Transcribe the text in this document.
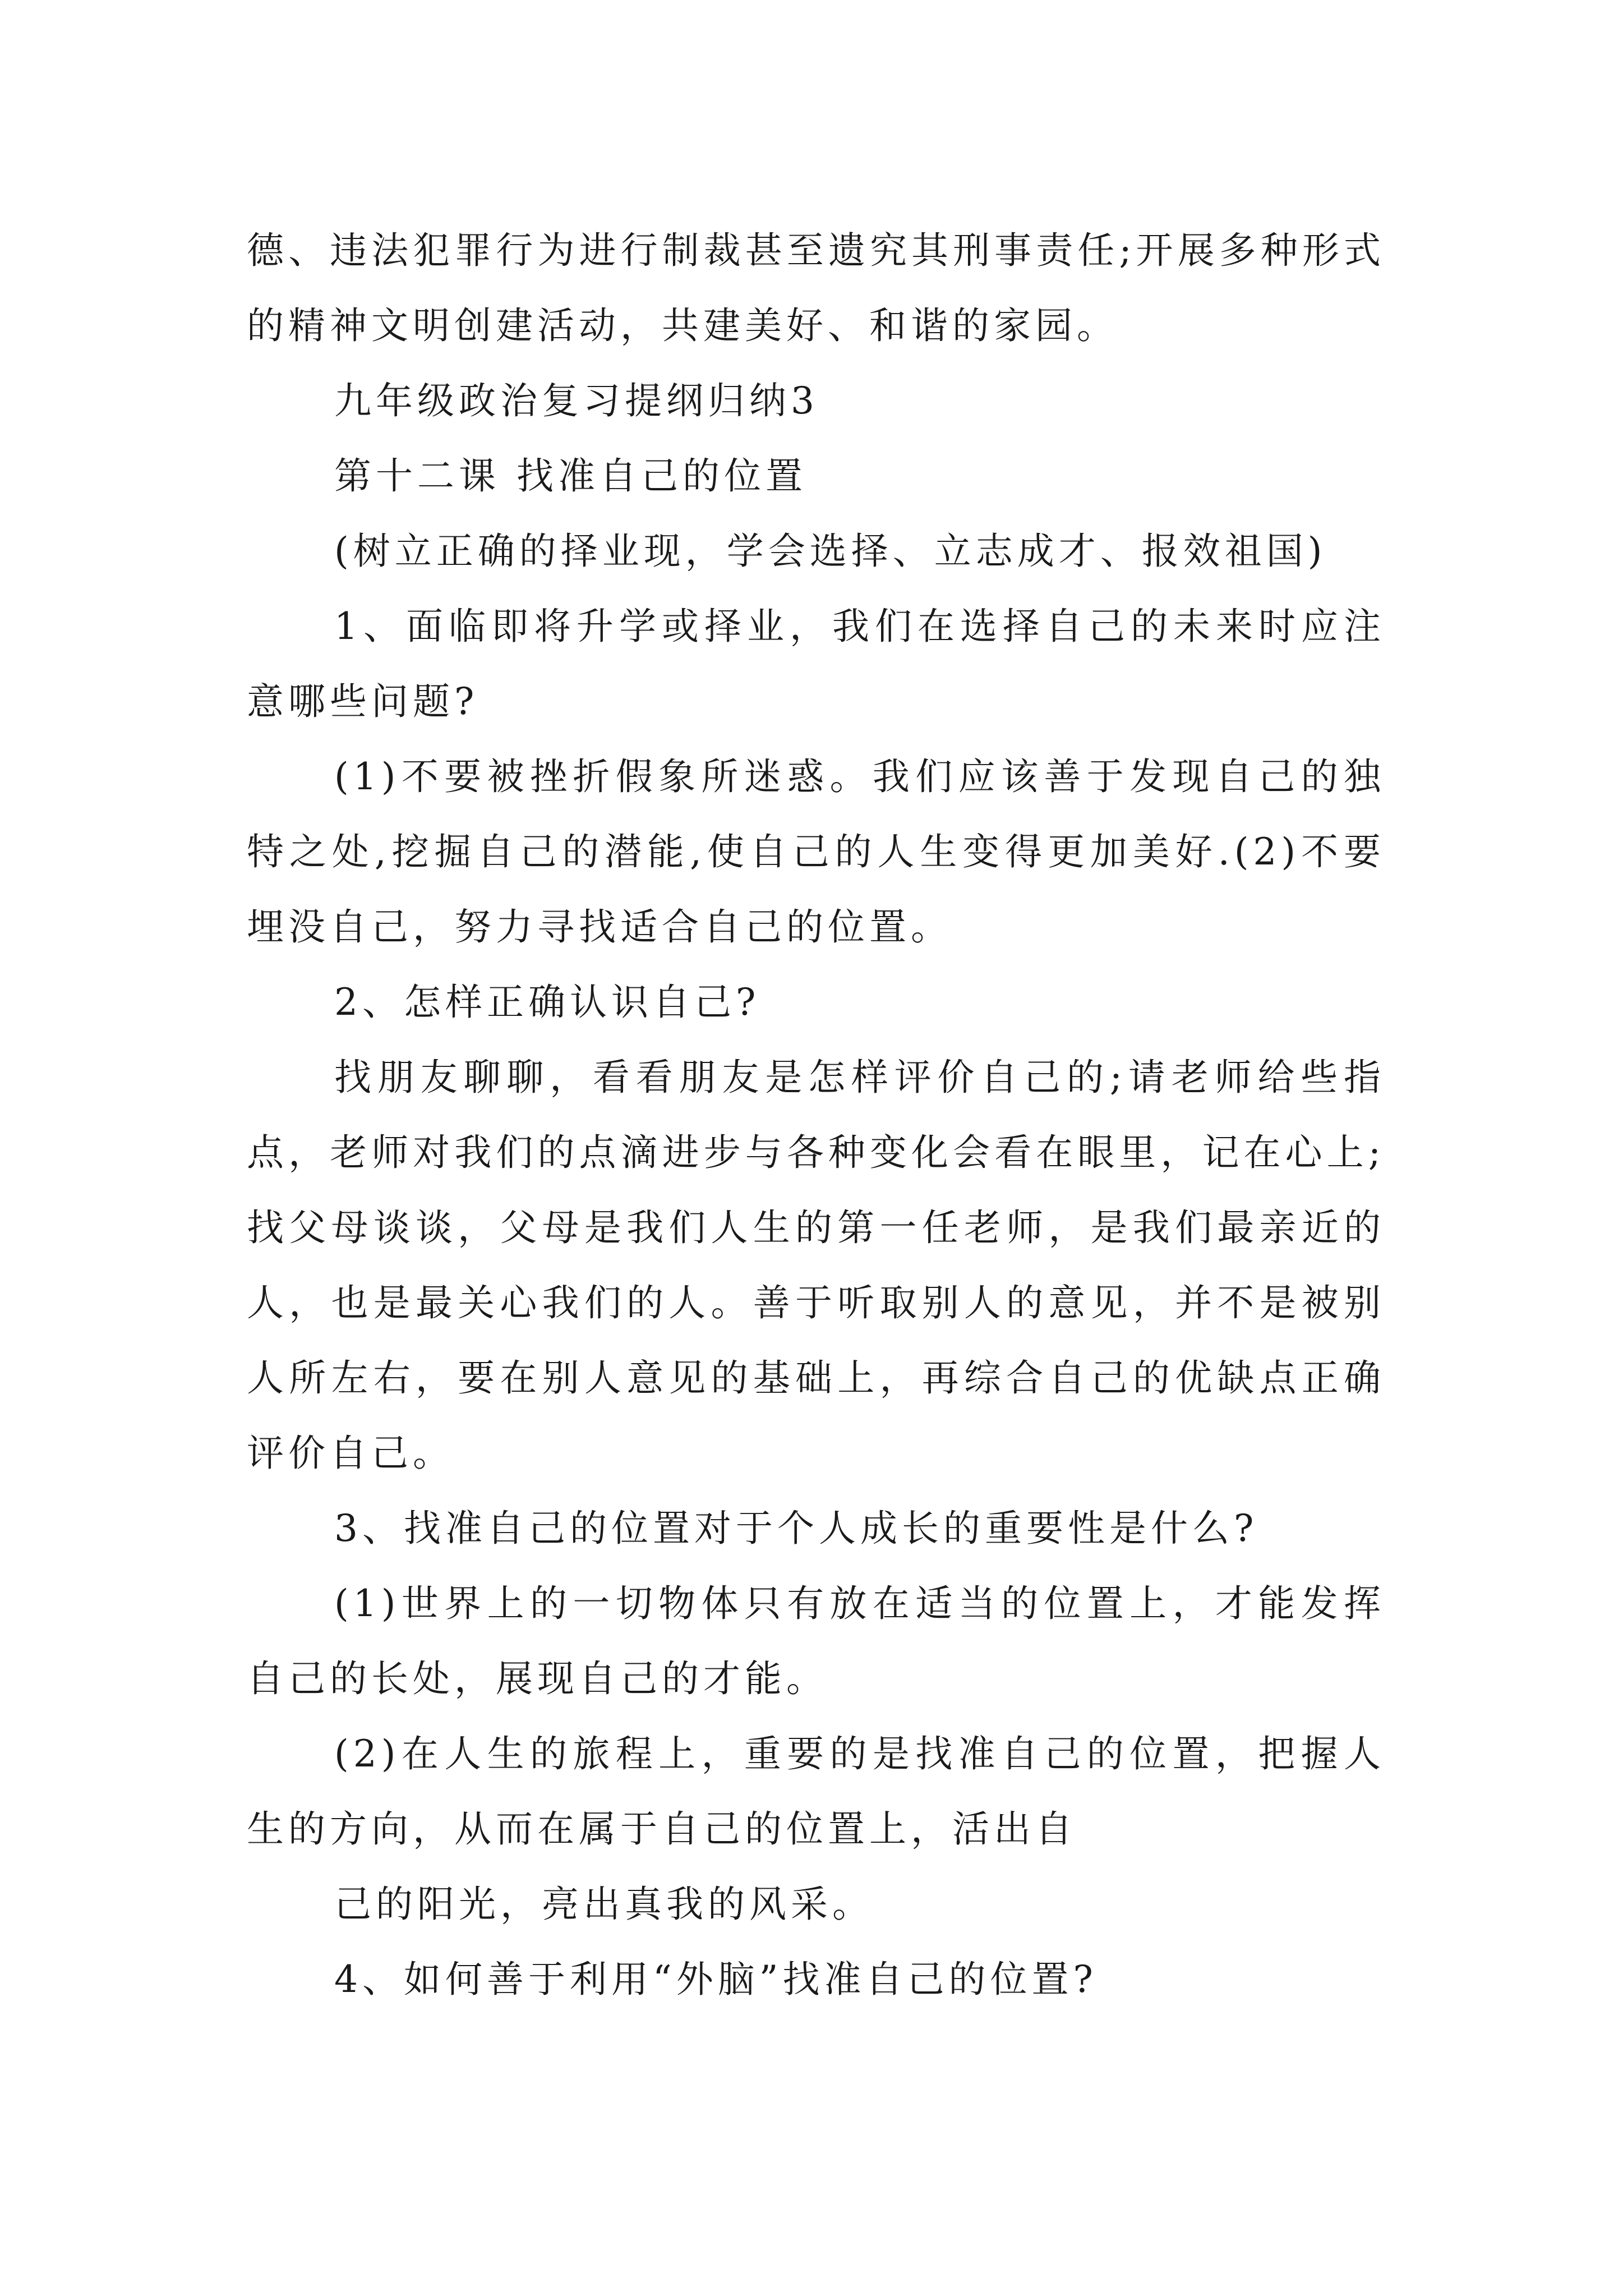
德、违法犯罪行为进行制裁甚至遗究其刑事责任;开展多种形式的精神文明创建活动，共建美好、和谐的家园。

九年级政治复习提纲归纳3

第十二课 找准自己的位置

(树立正确的择业现，学会选择、立志成才、报效祖国)

1、面临即将升学或择业，我们在选择自己的未来时应注意哪些问题?

(1)不要被挫折假象所迷惑。我们应该善于发现自己的独特之处,挖掘自己的潜能,使自己的人生变得更加美好.(2)不要埋没自己，努力寻找适合自己的位置。

2、怎样正确认识自己?

找朋友聊聊，看看朋友是怎样评价自己的;请老师给些指点，老师对我们的点滴进步与各种变化会看在眼里，记在心上;找父母谈谈，父母是我们人生的第一任老师，是我们最亲近的人，也是最关心我们的人。善于听取别人的意见，并不是被别人所左右，要在别人意见的基础上，再综合自己的优缺点正确评价自己。

3、找准自己的位置对于个人成长的重要性是什么?

(1)世界上的一切物体只有放在适当的位置上，才能发挥自己的长处，展现自己的才能。

(2)在人生的旅程上，重要的是找准自己的位置，把握人生的方向，从而在属于自己的位置上，活出自

己的阳光，亮出真我的风采。

4、如何善于利用“外脑”找准自己的位置?
